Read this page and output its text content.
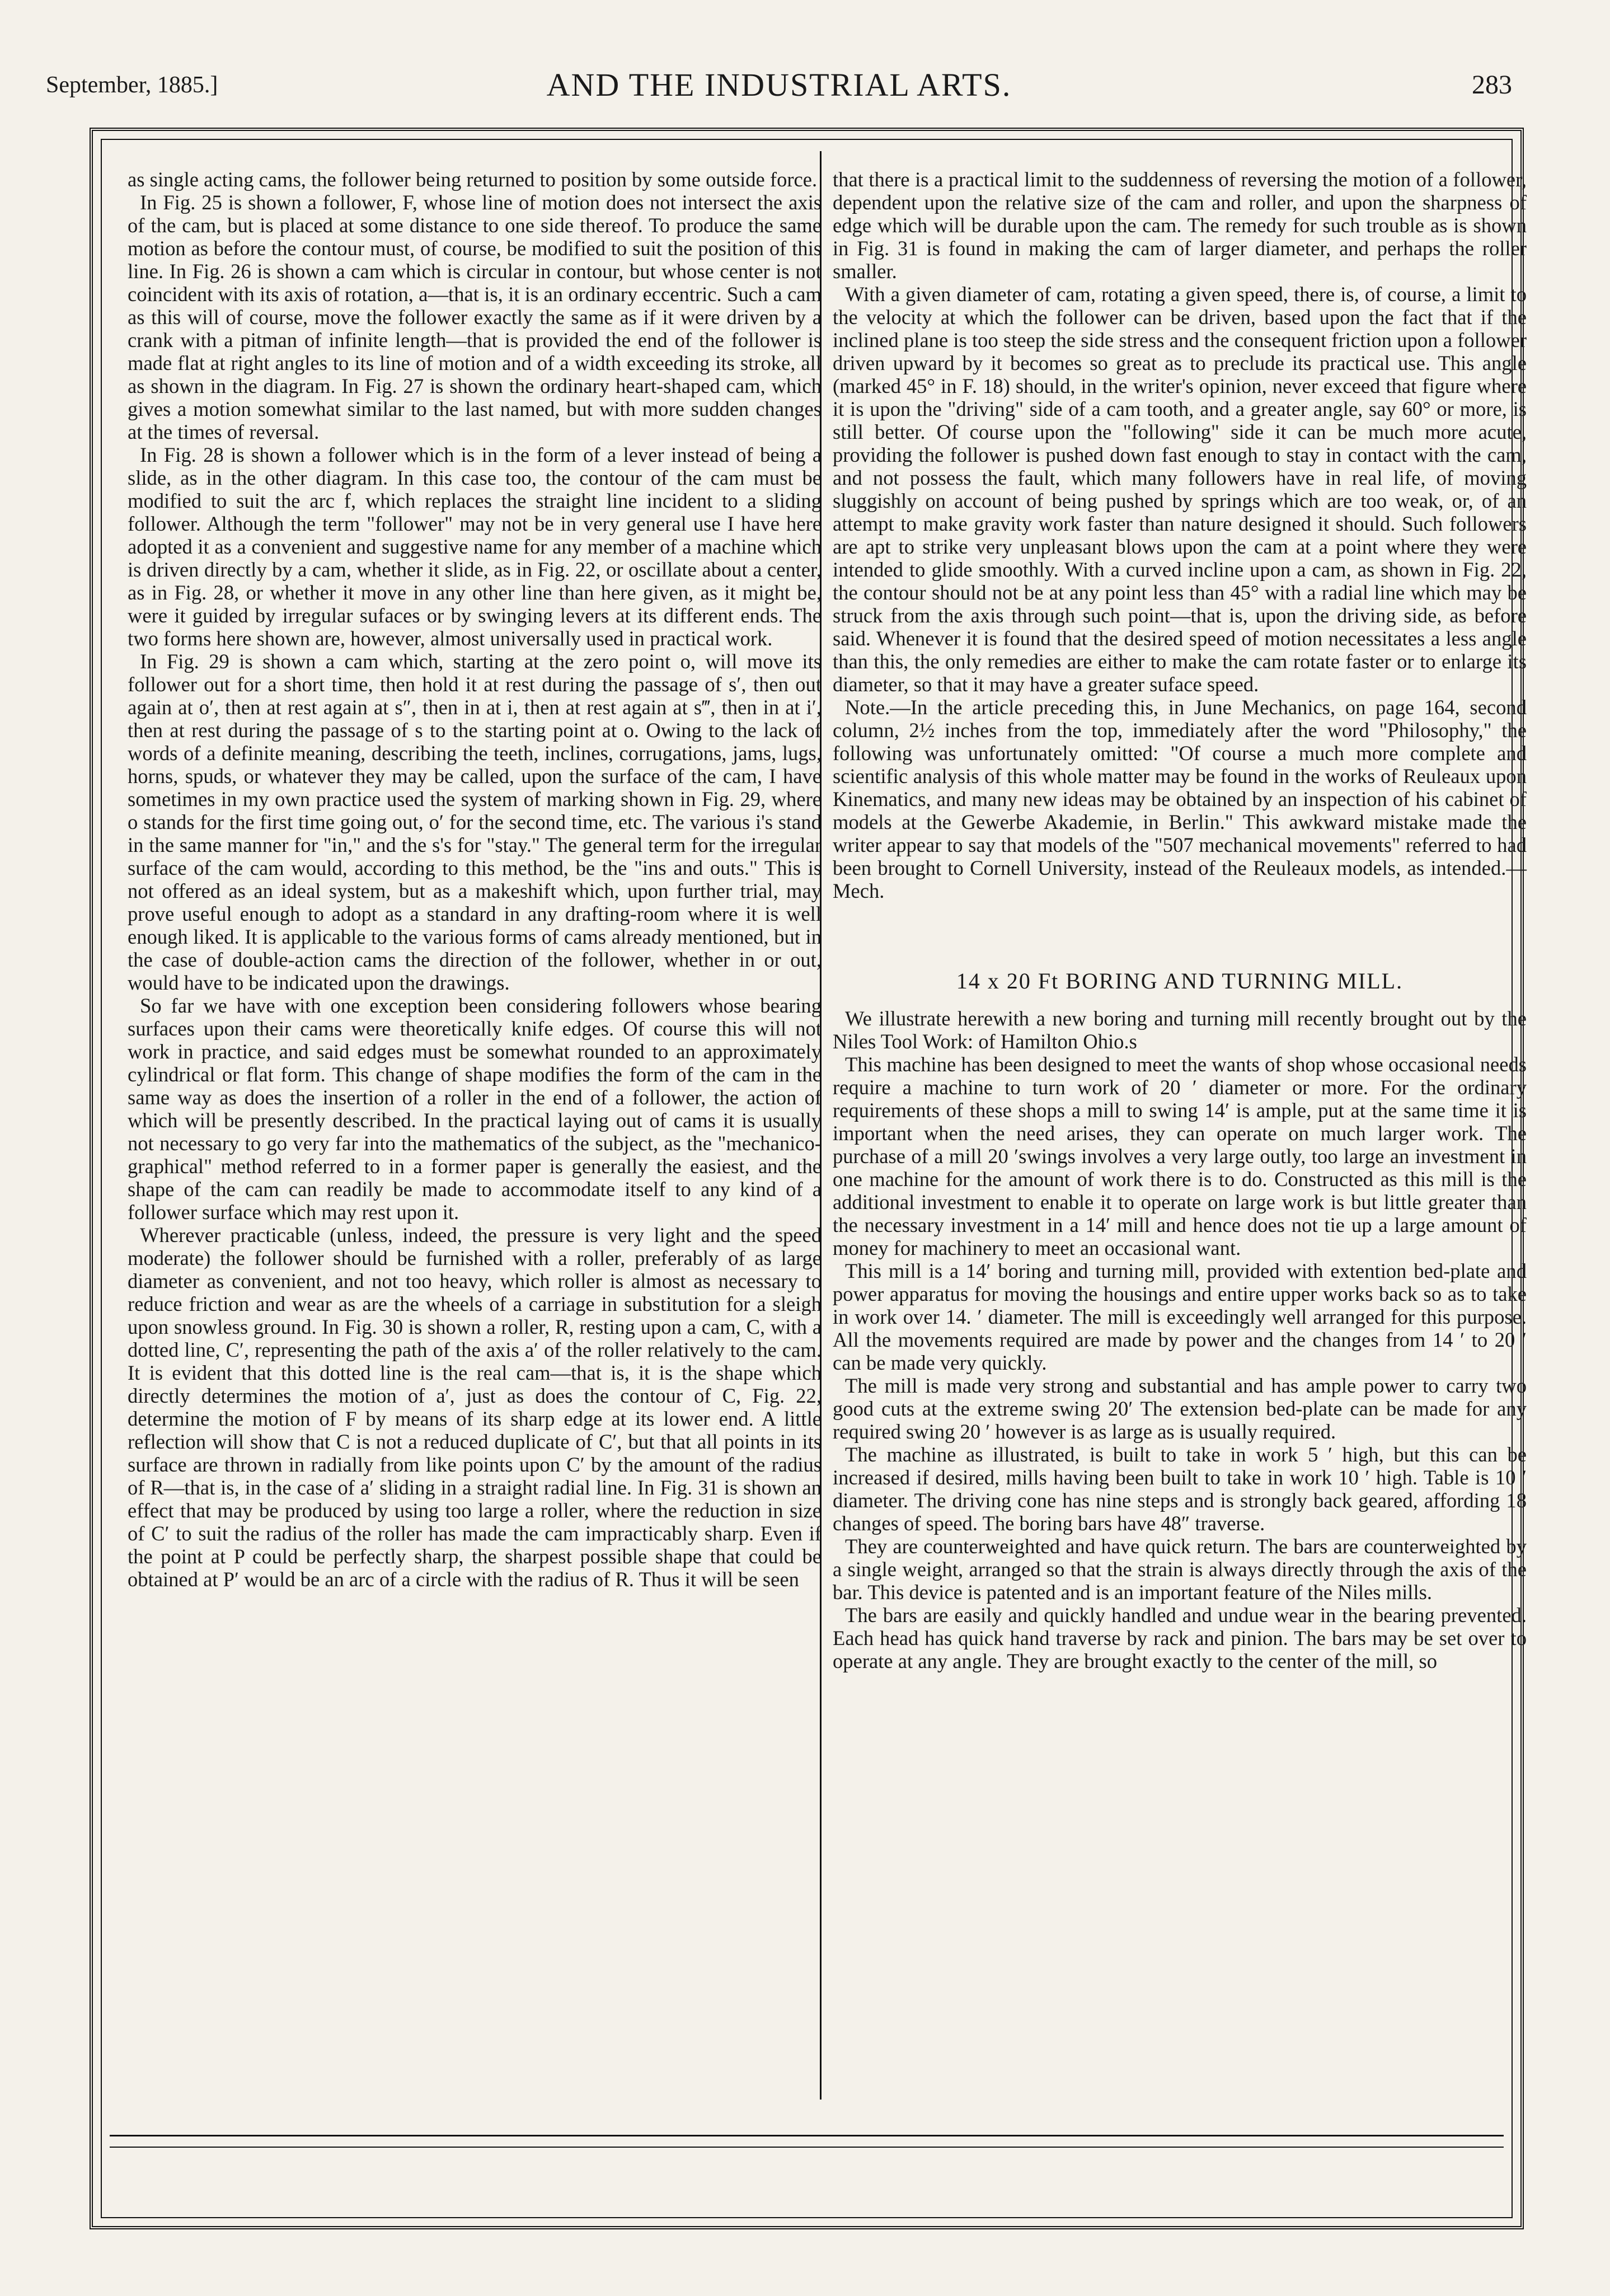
September, 1885.]	AND THE INDUSTRIAL ARTS.	283

as single acting cams, the follower being returned to position by some outside force.

In Fig. 25 is shown a follower, F, whose line of motion does not intersect the axis of the cam, but is placed at some distance to one side thereof. To produce the same motion as before the contour must, of course, be modified to suit the position of this line. In Fig. 26 is shown a cam which is circular in contour, but whose center is not coincident with its axis of rotation, a—that is, it is an ordinary eccentric. Such a cam as this will of course, move the follower exactly the same as if it were driven by a crank with a pitman of infinite length—that is provided the end of the follower is made flat at right angles to its line of motion and of a width exceeding its stroke, all as shown in the diagram. In Fig. 27 is shown the ordinary heart-shaped cam, which gives a motion somewhat similar to the last named, but with more sudden changes at the times of reversal.

In Fig. 28 is shown a follower which is in the form of a lever instead of being a slide, as in the other diagram. In this case too, the contour of the cam must be modified to suit the arc f, which replaces the straight line incident to a sliding follower. Although the term "follower" may not be in very general use I have here adopted it as a convenient and suggestive name for any member of a machine which is driven directly by a cam, whether it slide, as in Fig. 22, or oscillate about a center, as in Fig. 28, or whether it move in any other line than here given, as it might be, were it guided by irregular sufaces or by swinging levers at its different ends. The two forms here shown are, however, almost universally used in practical work.

In Fig. 29 is shown a cam which, starting at the zero point o, will move its follower out for a short time, then hold it at rest during the passage of s′, then out again at o′, then at rest again at s″, then in at i, then at rest again at s‴, then in at i′, then at rest during the passage of s to the starting point at o. Owing to the lack of words of a definite meaning, describing the teeth, inclines, corrugations, jams, lugs, horns, spuds, or whatever they may be called, upon the surface of the cam, I have sometimes in my own practice used the system of marking shown in Fig. 29, where o stands for the first time going out, o′ for the second time, etc. The various i's stand in the same manner for "in," and the s's for "stay." The general term for the irregular surface of the cam would, according to this method, be the "ins and outs." This is not offered as an ideal system, but as a makeshift which, upon further trial, may prove useful enough to adopt as a standard in any drafting-room where it is well enough liked. It is applicable to the various forms of cams already mentioned, but in the case of double-action cams the direction of the follower, whether in or out, would have to be indicated upon the drawings.

So far we have with one exception been considering followers whose bearing surfaces upon their cams were theoretically knife edges. Of course this will not work in practice, and said edges must be somewhat rounded to an approximately cylindrical or flat form. This change of shape modifies the form of the cam in the same way as does the insertion of a roller in the end of a follower, the action of which will be presently described. In the practical laying out of cams it is usually not necessary to go very far into the mathematics of the subject, as the "mechanico-graphical" method referred to in a former paper is generally the easiest, and the shape of the cam can readily be made to accommodate itself to any kind of a follower surface which may rest upon it.

Wherever practicable (unless, indeed, the pressure is very light and the speed moderate) the follower should be furnished with a roller, preferably of as large diameter as convenient, and not too heavy, which roller is almost as necessary to reduce friction and wear as are the wheels of a carriage in substitution for a sleigh upon snowless ground. In Fig. 30 is shown a roller, R, resting upon a cam, C, with a dotted line, C′, representing the path of the axis a′ of the roller relatively to the cam. It is evident that this dotted line is the real cam—that is, it is the shape which directly determines the motion of a′, just as does the contour of C, Fig. 22, determine the motion of F by means of its sharp edge at its lower end. A little reflection will show that C is not a reduced duplicate of C′, but that all points in its surface are thrown in radially from like points upon C′ by the amount of the radius of R—that is, in the case of a′ sliding in a straight radial line. In Fig. 31 is shown an effect that may be produced by using too large a roller, where the reduction in size of C′ to suit the radius of the roller has made the cam impracticably sharp. Even if the point at P could be perfectly sharp, the sharpest possible shape that could be obtained at P′ would be an arc of a circle with the radius of R. Thus it will be seen

that there is a practical limit to the suddenness of reversing the motion of a follower, dependent upon the relative size of the cam and roller, and upon the sharpness of edge which will be durable upon the cam. The remedy for such trouble as is shown in Fig. 31 is found in making the cam of larger diameter, and perhaps the roller smaller.

With a given diameter of cam, rotating a given speed, there is, of course, a limit to the velocity at which the follower can be driven, based upon the fact that if the inclined plane is too steep the side stress and the consequent friction upon a follower driven upward by it becomes so great as to preclude its practical use. This angle (marked 45° in F. 18) should, in the writer's opinion, never exceed that figure where it is upon the "driving" side of a cam tooth, and a greater angle, say 60° or more, is still better. Of course upon the "following" side it can be much more acute, providing the follower is pushed down fast enough to stay in contact with the cam, and not possess the fault, which many followers have in real life, of moving sluggishly on account of being pushed by springs which are too weak, or, of an attempt to make gravity work faster than nature designed it should. Such followers are apt to strike very unpleasant blows upon the cam at a point where they were intended to glide smoothly. With a curved incline upon a cam, as shown in Fig. 22, the contour should not be at any point less than 45° with a radial line which may be struck from the axis through such point—that is, upon the driving side, as before said. Whenever it is found that the desired speed of motion necessitates a less angle than this, the only remedies are either to make the cam rotate faster or to enlarge its diameter, so that it may have a greater suface speed.

Note.—In the article preceding this, in June Mechanics, on page 164, second column, 2½ inches from the top, immediately after the word "Philosophy," the following was unfortunately omitted: "Of course a much more complete and scientific analysis of this whole matter may be found in the works of Reuleaux upon Kinematics, and many new ideas may be obtained by an inspection of his cabinet of models at the Gewerbe Akademie, in Berlin." This awkward mistake made the writer appear to say that models of the "507 mechanical movements" referred to had been brought to Cornell University, instead of the Reuleaux models, as intended.—Mech.

14 x 20 Ft BORING AND TURNING MILL.

We illustrate herewith a new boring and turning mill recently brought out by the Niles Tool Work: of Hamilton Ohio.s

This machine has been designed to meet the wants of shop whose occasional needs require a machine to turn work of 20 ′ diameter or more. For the ordinary requirements of these shops a mill to swing 14′ is ample, put at the same time it is important when the need arises, they can operate on much larger work. The purchase of a mill 20 ′swings involves a very large outly, too large an investment in one machine for the amount of work there is to do. Constructed as this mill is the additional investment to enable it to operate on large work is but little greater than the necessary investment in a 14′ mill and hence does not tie up a large amount of money for machinery to meet an occasional want.

This mill is a 14′ boring and turning mill, provided with extention bed-plate and power apparatus for moving the housings and entire upper works back so as to take in work over 14. ′ diameter. The mill is exceedingly well arranged for this purpose. All the movements required are made by power and the changes from 14 ′ to 20 ′ can be made very quickly.

The mill is made very strong and substantial and has ample power to carry two good cuts at the extreme swing 20′ The extension bed-plate can be made for any required swing 20 ′ however is as large as is usually required.

The machine as illustrated, is built to take in work 5 ′ high, but this can be increased if desired, mills having been built to take in work 10 ′ high. Table is 10 ′ diameter. The driving cone has nine steps and is strongly back geared, affording 18 changes of speed. The boring bars have 48″ traverse.

They are counterweighted and have quick return. The bars are counterweighted by a single weight, arranged so that the strain is always directly through the axis of the bar. This device is patented and is an important feature of the Niles mills.

The bars are easily and quickly handled and undue wear in the bearing prevented. Each head has quick hand traverse by rack and pinion. The bars may be set over to operate at any angle. They are brought exactly to the center of the mill, so
